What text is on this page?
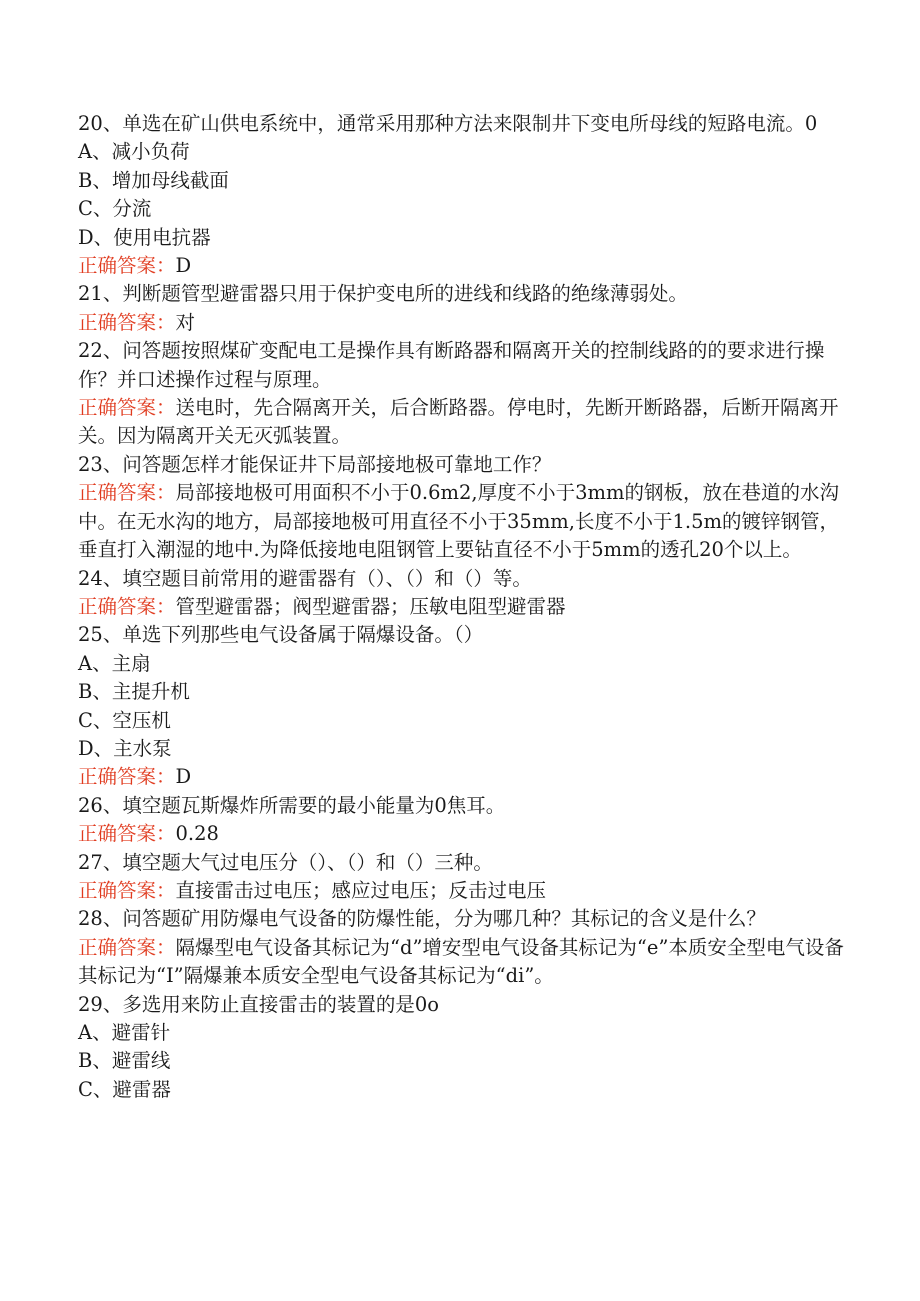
20、单选在矿山供电系统中，通常采用那种方法来限制井下变电所母线的短路电流。0
A、减小负荷
B、增加母线截面
C、分流
D、使用电抗器
正确答案：D
21、判断题管型避雷器只用于保护变电所的进线和线路的绝缘薄弱处。
正确答案：对
22、问答题按照煤矿变配电工是操作具有断路器和隔离开关的控制线路的的要求进行操作？并口述操作过程与原理。
正确答案：送电时，先合隔离开关，后合断路器。停电时，先断开断路器，后断开隔离开关。因为隔离开关无灭弧装置。
23、问答题怎样才能保证井下局部接地极可靠地工作？
正确答案：局部接地极可用面积不小于0.6m2,厚度不小于3mm的钢板，放在巷道的水沟中。在无水沟的地方，局部接地极可用直径不小于35mm,长度不小于1.5m的镀锌钢管，垂直打入潮湿的地中.为降低接地电阻钢管上要钻直径不小于5mm的透孔20个以上。
24、填空题目前常用的避雷器有（）、（）和（）等。
正确答案：管型避雷器；阀型避雷器；压敏电阻型避雷器
25、单选下列那些电气设备属于隔爆设备。（）
A、主扇
B、主提升机
C、空压机
D、主水泵
正确答案：D
26、填空题瓦斯爆炸所需要的最小能量为0焦耳。
正确答案：0.28
27、填空题大气过电压分（）、（）和（）三种。
正确答案：直接雷击过电压；感应过电压；反击过电压
28、问答题矿用防爆电气设备的防爆性能，分为哪几种？其标记的含义是什么？
正确答案：隔爆型电气设备其标记为“d”增安型电气设备其标记为“e”本质安全型电气设备其标记为“I”隔爆兼本质安全型电气设备其标记为“di”。
29、多选用来防止直接雷击的装置的是0o
A、避雷针
B、避雷线
C、避雷器
